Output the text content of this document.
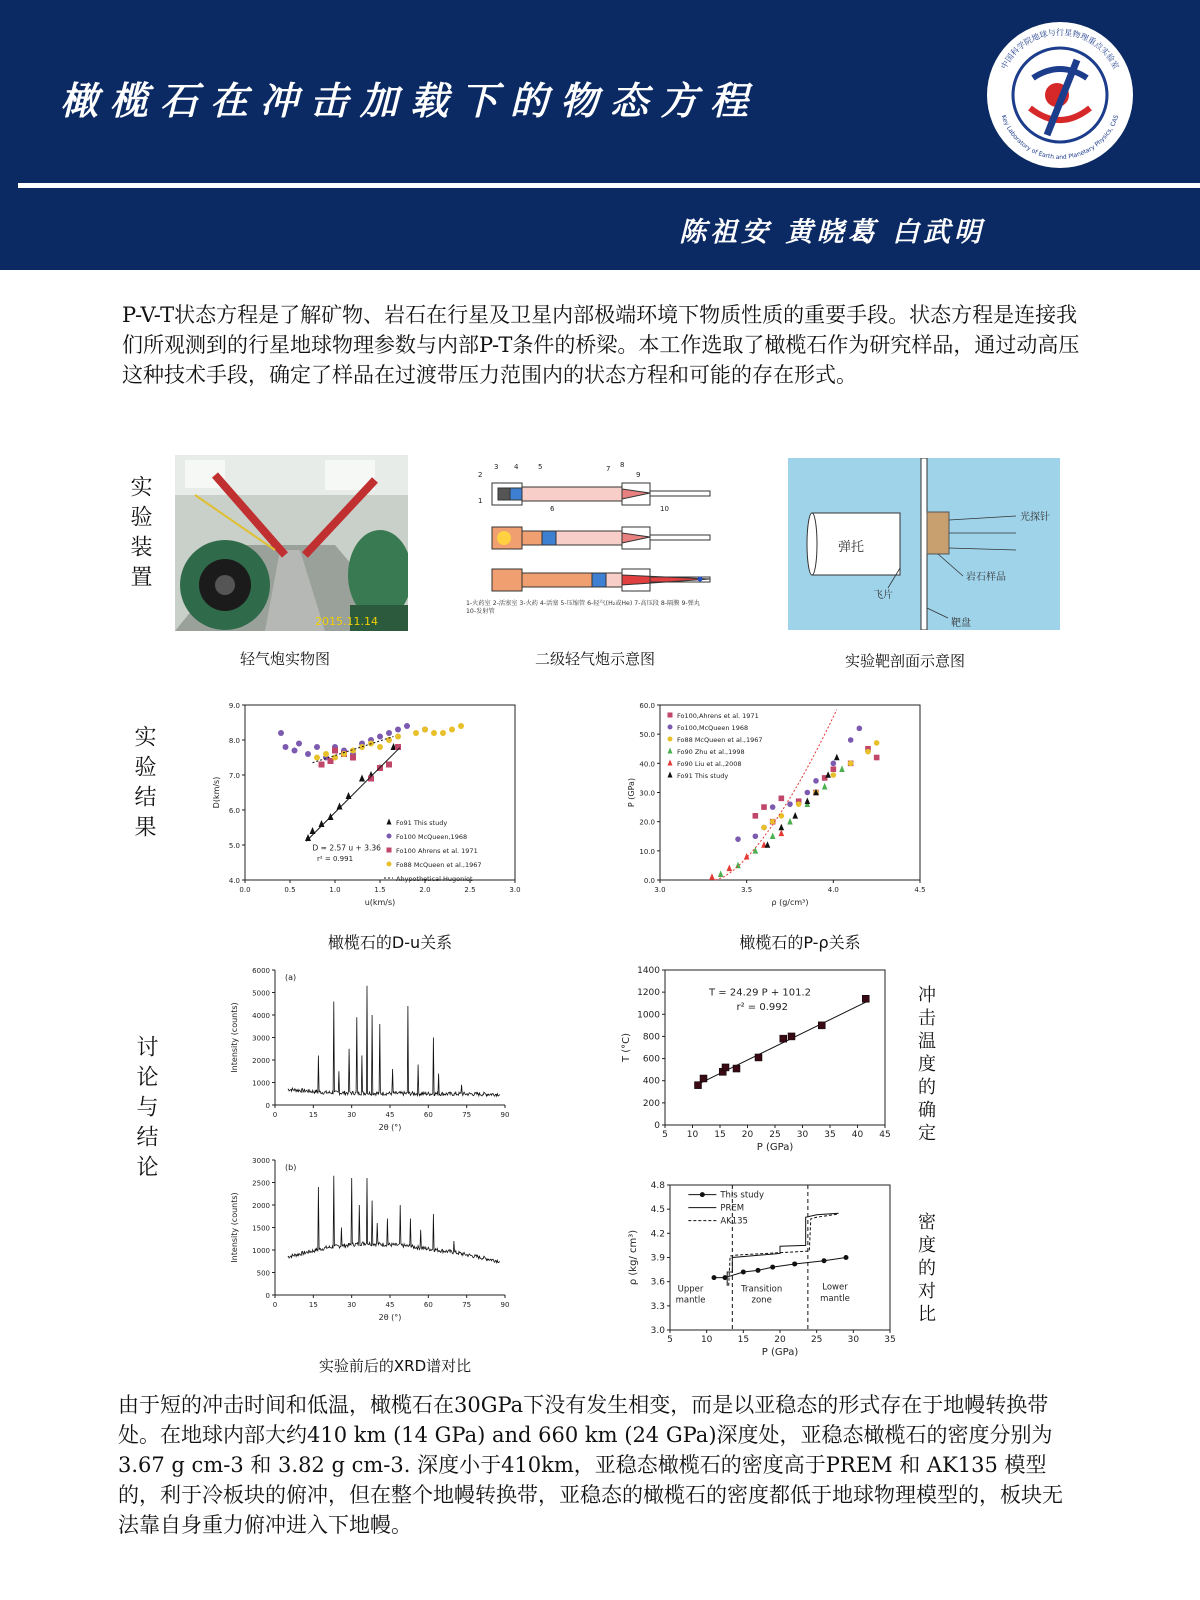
橄榄石在冲击加载下的物态方程
陈祖安 黄晓葛 白武明
中国科学院地球与行星物理重点实验室
Key Laboratory of Earth and Planetary Physics, CAS
P-V-T状态方程是了解矿物、岩石在行星及卫星内部极端环境下物质性质的重要手段。状态方程是连接我们所观测到的行星地球物理参数与内部P-T条件的桥梁。本工作选取了橄榄石作为研究样品，通过动高压这种技术手段，确定了样品在过渡带压力范围内的状态方程和可能的存在形式。
实验装置
实验结果
讨论与结论	冲击温度的确定
密度的对比
2015.11.14
1
2
3 4	5
6
7 8
9
10
1-火药室 2-活塞室 3-火药 4-活塞 5-压缩管 6-轻气(H₂或He) 7-高压段 8-隔膜 9-弹丸
10-发射管
弹托
光探针
岩石样品
飞片
靶盘
轻气炮实物图	二级轻气炮示意图	实验靶剖面示意图
0.0	0.5	1.0	1.5	2.0	2.5	3.0
4.0
5.0
6.0
7.0
8.0
9.0
u(km/s)
D(km/s)
D = 2.57 u + 3.36
r² = 0.991
Fo91 This study
Fo100 McQueen,1968
Fo100 Ahrens et al. 1971
Fo88 McQueen et al.,1967
Ahypothetical Hugoniot
3.0	3.5	4.0	4.5
0.0
10.0
20.0
30.0
40.0
50.0
60.0
ρ (g/cm³)
P (GPa)
Fo100,Ahrens et al. 1971
Fo100,McQueen 1968
Fo88 McQueen et al.,1967
Fo90 Zhu et al.,1998
Fo90 Liu et al.,2008
Fo91 This study
0	15	30	45	60	75	90
0
1000
2000
3000
4000
5000
6000
2θ (°)
Intensity (counts)
(a)
0	15	30	45	60	75	90
0
500
1000
1500
2000
2500
3000
2θ (°)
Intensity (counts)
(b)
5 10 15 20 25 30 35 40 45
0
200
400
600
800
1000
1200
1400
P (GPa)
T (°C)
T = 24.29 P + 101.2
r² = 0.992
5	10	15	20	25	30	35
3.0
3.3
3.6
3.9
4.2
4.5
4.8
P (GPa)
ρ (kg/ cm³)
This study
PREM
AK135
Upper
mantle
Transition
zone
Lower
mantle
橄榄石的D-u关系	橄榄石的P-ρ关系
实验前后的XRD谱对比
由于短的冲击时间和低温，橄榄石在30GPa下没有发生相变，而是以亚稳态的形式存在于地幔转换带处。在地球内部大约410 km (14 GPa) and 660 km (24 GPa)深度处，亚稳态橄榄石的密度分别为 3.67 g cm-3 和 3.82 g cm-3. 深度小于410km，亚稳态橄榄石的密度高于PREM 和 AK135 模型的，利于冷板块的俯冲，但在整个地幔转换带，亚稳态的橄榄石的密度都低于地球物理模型的，板块无法靠自身重力俯冲进入下地幔。
